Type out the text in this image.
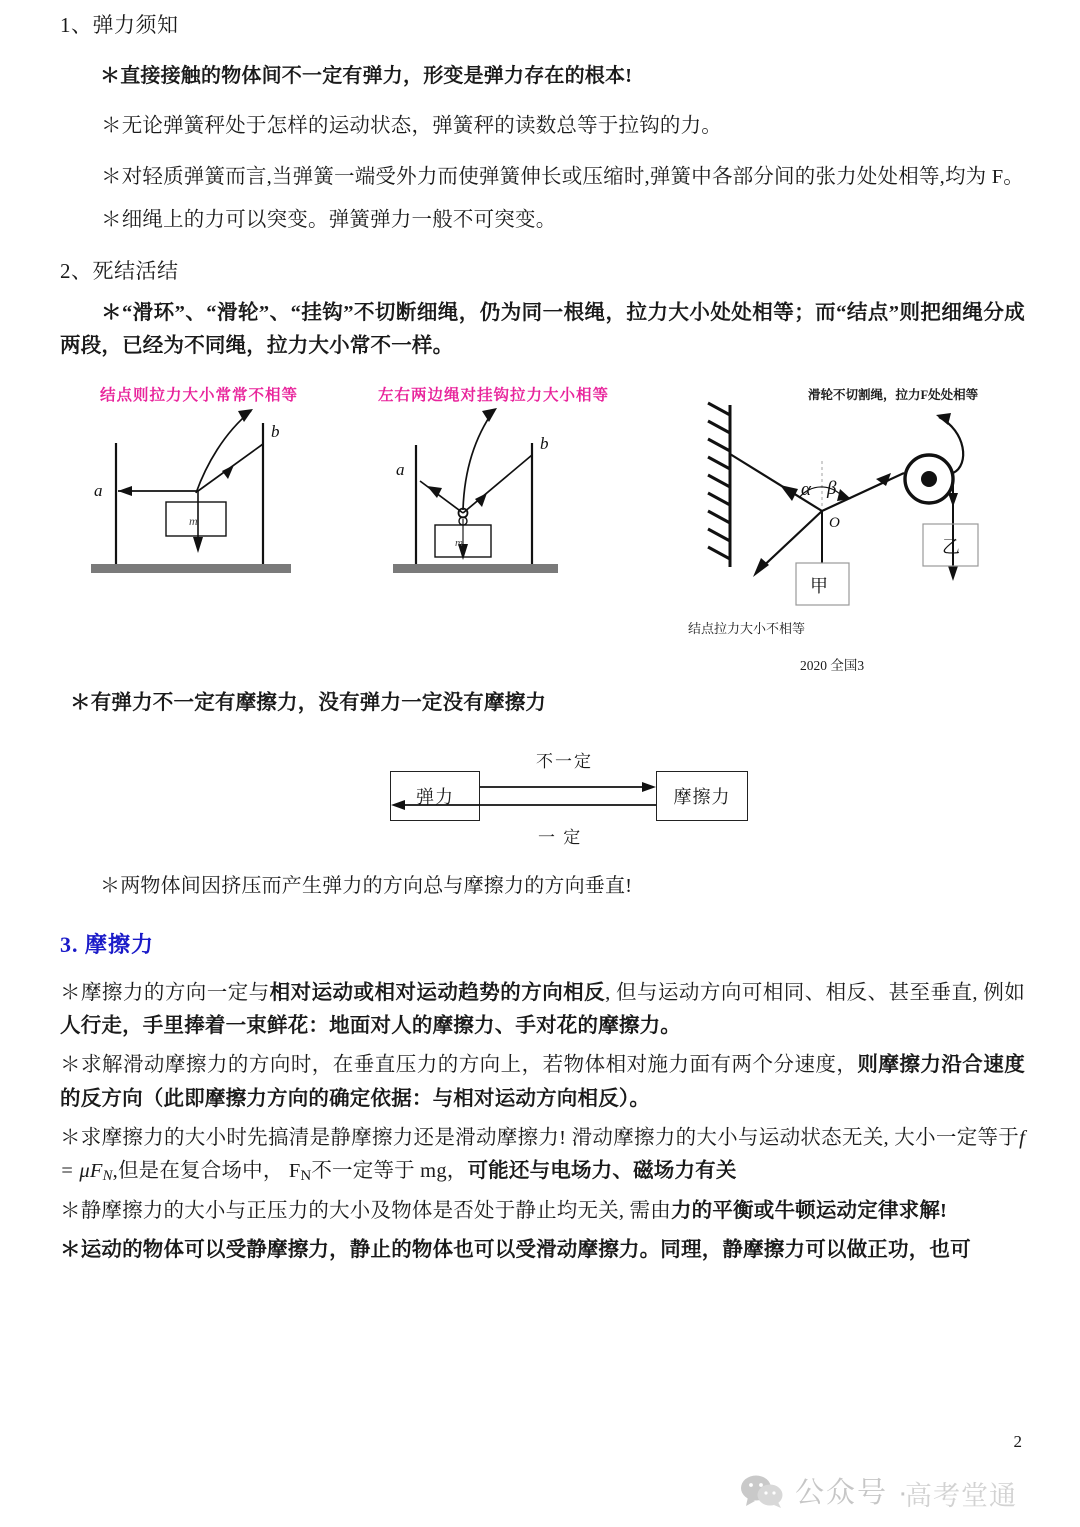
1、弹力须知
＊直接接触的物体间不一定有弹力，形变是弹力存在的根本!
＊无论弹簧秤处于怎样的运动状态，弹簧秤的读数总等于拉钩的力。
＊对轻质弹簧而言,当弹簧一端受外力而使弹簧伸长或压缩时,弹簧中各部分间的张力处处相等,均为 F。
＊细绳上的力可以突变。弹簧弹力一般不可突变。
2、死结活结
＊“滑环”、“滑轮”、“挂钩”不切断细绳，仍为同一根绳，拉力大小处处相等；而“结点”则把细绳分成两段，已经为不同绳，拉力大小常不一样。
结点则拉力大小常常不相等	左右两边绳对挂钩拉力大小相等	滑轮不切割绳，拉力F处处相等
m
a
b
m
a
b
甲
乙
α β
O
结点拉力大小不相等
2020 全国3
＊有弹力不一定有摩擦力，没有弹力一定没有摩擦力
弹力	摩擦力
不一定
一 定
＊两物体间因挤压而产生弹力的方向总与摩擦力的方向垂直!
3. 摩擦力
＊摩擦力的方向一定与相对运动或相对运动趋势的方向相反, 但与运动方向可相同、相反、甚至垂直, 例如人行走，手里捧着一束鲜花：地面对人的摩擦力、手对花的摩擦力。
＊求解滑动摩擦力的方向时，在垂直压力的方向上，若物体相对施力面有两个分速度，则摩擦力沿合速度的反方向（此即摩擦力方向的确定依据：与相对运动方向相反）。
＊求摩擦力的大小时先搞清是静摩擦力还是滑动摩擦力! 滑动摩擦力的大小与运动状态无关, 大小一定等于$f = \mu F_N$,但是在复合场中， $F_N$不一定等于 mg，可能还与电场力、磁场力有关
＊静摩擦力的大小与正压力的大小及物体是否处于静止均无关, 需由力的平衡或牛顿运动定律求解!
＊运动的物体可以受静摩擦力，静止的物体也可以受滑动摩擦力。同理，静摩擦力可以做正功，也可
2
公众号 ·
高考堂通
